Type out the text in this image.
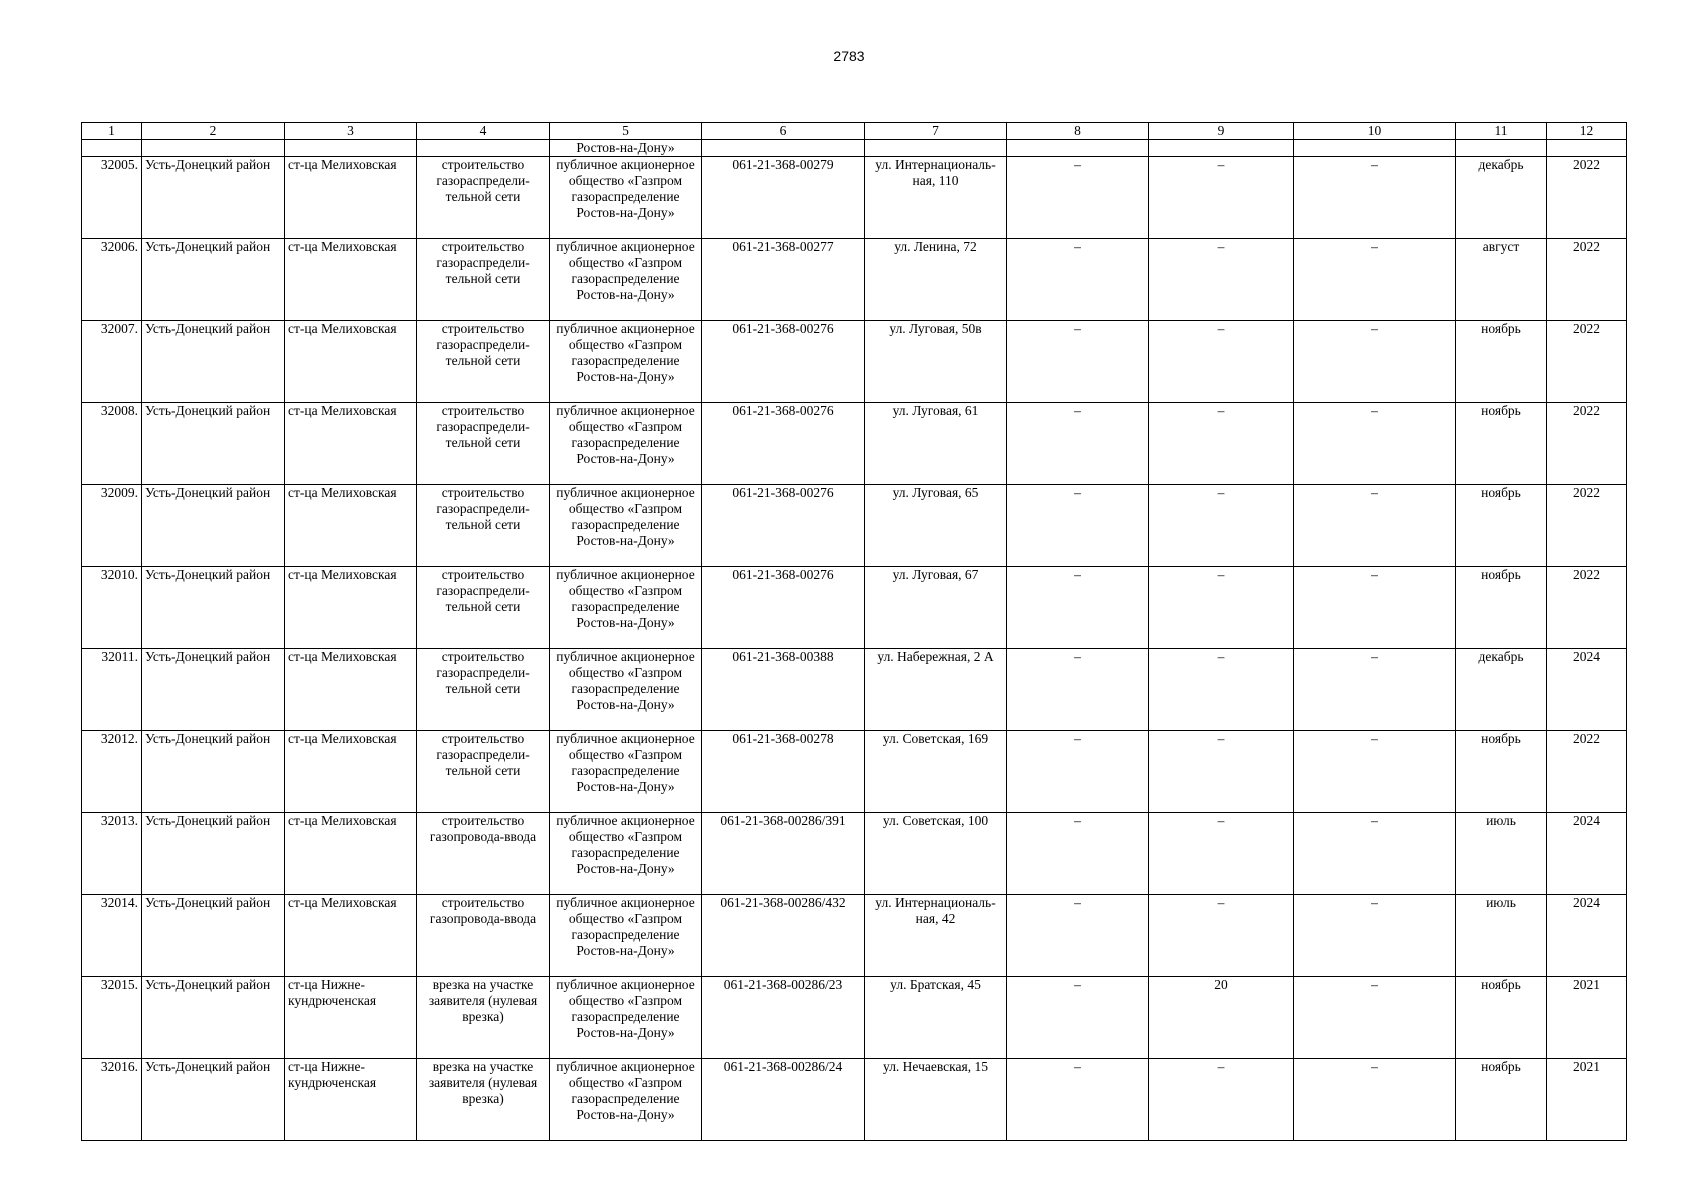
2783
1	2	3	4	5	6	7	8	9	10	11	12
				Ростов-на-Дону»							
32005.	Усть-Донецкий район	ст-ца Мелиховская	строительство газораспредели-тельной сети	публичное акционерное общество «Газпром газораспределение Ростов-на-Дону»	061-21-368-00279	ул. Интернациональ-ная, 110	–	–	–	декабрь	2022
32006.	Усть-Донецкий район	ст-ца Мелиховская	строительство газораспредели-тельной сети	публичное акционерное общество «Газпром газораспределение Ростов-на-Дону»	061-21-368-00277	ул. Ленина, 72	–	–	–	август	2022
32007.	Усть-Донецкий район	ст-ца Мелиховская	строительство газораспредели-тельной сети	публичное акционерное общество «Газпром газораспределение Ростов-на-Дону»	061-21-368-00276	ул. Луговая, 50в	–	–	–	ноябрь	2022
32008.	Усть-Донецкий район	ст-ца Мелиховская	строительство газораспредели-тельной сети	публичное акционерное общество «Газпром газораспределение Ростов-на-Дону»	061-21-368-00276	ул. Луговая, 61	–	–	–	ноябрь	2022
32009.	Усть-Донецкий район	ст-ца Мелиховская	строительство газораспредели-тельной сети	публичное акционерное общество «Газпром газораспределение Ростов-на-Дону»	061-21-368-00276	ул. Луговая, 65	–	–	–	ноябрь	2022
32010.	Усть-Донецкий район	ст-ца Мелиховская	строительство газораспредели-тельной сети	публичное акционерное общество «Газпром газораспределение Ростов-на-Дону»	061-21-368-00276	ул. Луговая, 67	–	–	–	ноябрь	2022
32011.	Усть-Донецкий район	ст-ца Мелиховская	строительство газораспредели-тельной сети	публичное акционерное общество «Газпром газораспределение Ростов-на-Дону»	061-21-368-00388	ул. Набережная, 2 А	–	–	–	декабрь	2024
32012.	Усть-Донецкий район	ст-ца Мелиховская	строительство газораспредели-тельной сети	публичное акционерное общество «Газпром газораспределение Ростов-на-Дону»	061-21-368-00278	ул. Советская, 169	–	–	–	ноябрь	2022
32013.	Усть-Донецкий район	ст-ца Мелиховская	строительство газопровода-ввода	публичное акционерное общество «Газпром газораспределение Ростов-на-Дону»	061-21-368-00286/391	ул. Советская, 100	–	–	–	июль	2024
32014.	Усть-Донецкий район	ст-ца Мелиховская	строительство газопровода-ввода	публичное акционерное общество «Газпром газораспределение Ростов-на-Дону»	061-21-368-00286/432	ул. Интернациональ-ная, 42	–	–	–	июль	2024
32015.	Усть-Донецкий район	ст-ца Нижне-кундрюченская	врезка на участке заявителя (нулевая врезка)	публичное акционерное общество «Газпром газораспределение Ростов-на-Дону»	061-21-368-00286/23	ул. Братская, 45	–	20	–	ноябрь	2021
32016.	Усть-Донецкий район	ст-ца Нижне-кундрюченская	врезка на участке заявителя (нулевая врезка)	публичное акционерное общество «Газпром газораспределение Ростов-на-Дону»	061-21-368-00286/24	ул. Нечаевская, 15	–	–	–	ноябрь	2021
